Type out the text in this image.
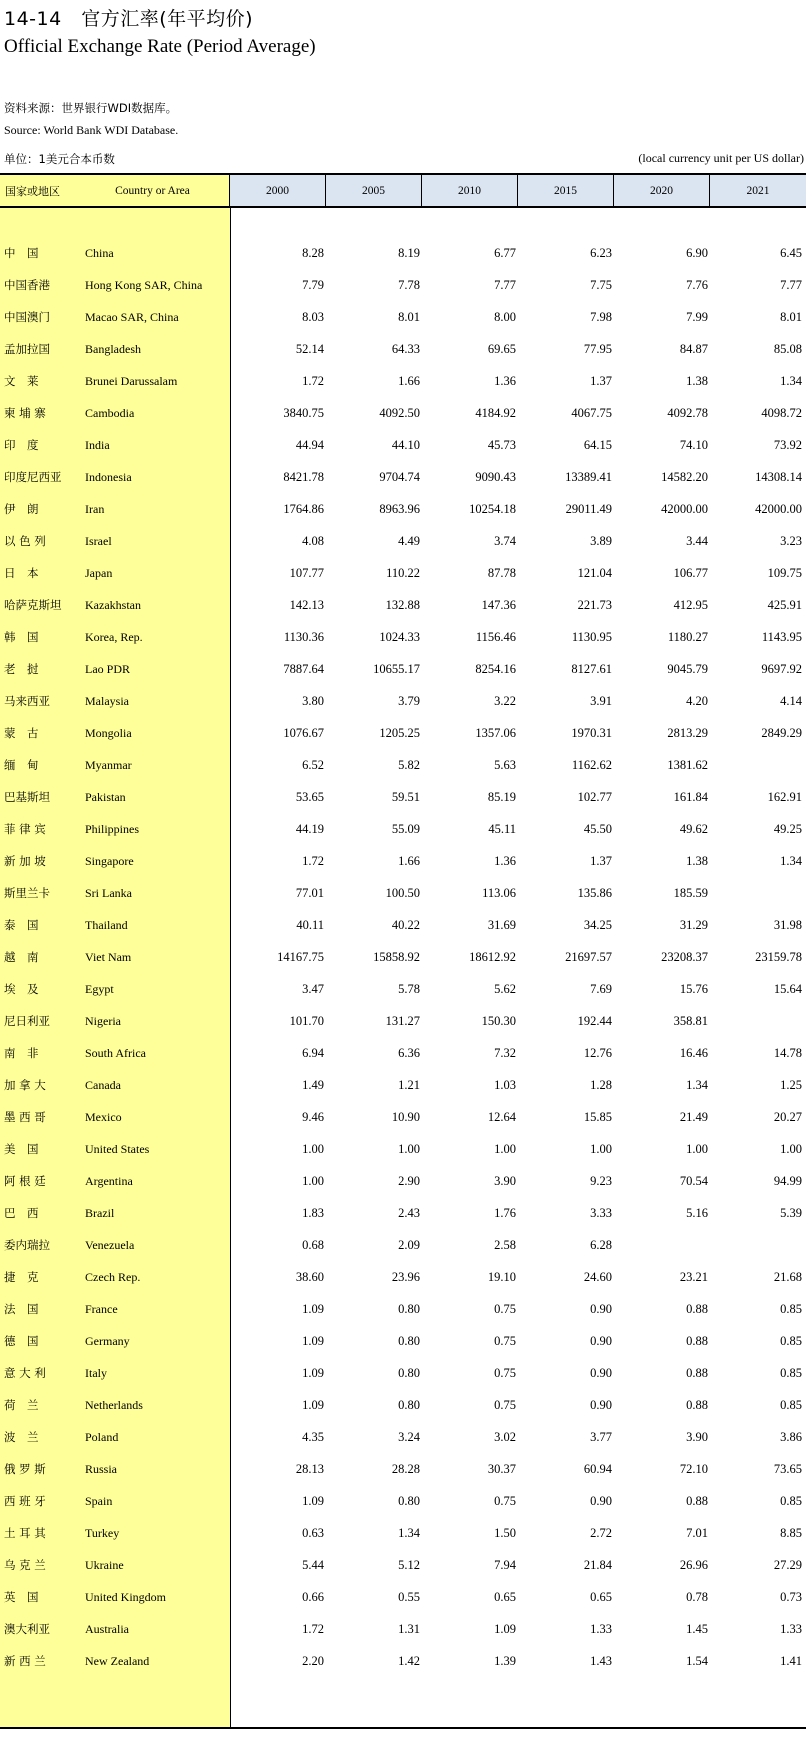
14-14　官方汇率(年平均价)
Official Exchange Rate (Period Average)
资料来源：世界银行WDI数据库。
Source: World Bank WDI Database.
单位：1美元合本币数	(local currency unit per US dollar)
国家或地区	Country or Area	2000	2005	2010	2015	2020	2021
中　国	China	8.28	8.19	6.77	6.23	6.90	6.45
中国香港	Hong Kong SAR, China	7.79	7.78	7.77	7.75	7.76	7.77
中国澳门	Macao SAR, China	8.03	8.01	8.00	7.98	7.99	8.01
孟加拉国	Bangladesh	52.14	64.33	69.65	77.95	84.87	85.08
文　莱	Brunei Darussalam	1.72	1.66	1.36	1.37	1.38	1.34
柬 埔 寨	Cambodia	3840.75	4092.50	4184.92	4067.75	4092.78	4098.72
印　度	India	44.94	44.10	45.73	64.15	74.10	73.92
印度尼西亚	Indonesia	8421.78	9704.74	9090.43	13389.41	14582.20	14308.14
伊　朗	Iran	1764.86	8963.96	10254.18	29011.49	42000.00	42000.00
以 色 列	Israel	4.08	4.49	3.74	3.89	3.44	3.23
日　本	Japan	107.77	110.22	87.78	121.04	106.77	109.75
哈萨克斯坦	Kazakhstan	142.13	132.88	147.36	221.73	412.95	425.91
韩　国	Korea, Rep.	1130.36	1024.33	1156.46	1130.95	1180.27	1143.95
老　挝	Lao PDR	7887.64	10655.17	8254.16	8127.61	9045.79	9697.92
马来西亚	Malaysia	3.80	3.79	3.22	3.91	4.20	4.14
蒙　古	Mongolia	1076.67	1205.25	1357.06	1970.31	2813.29	2849.29
缅　甸	Myanmar	6.52	5.82	5.63	1162.62	1381.62
巴基斯坦	Pakistan	53.65	59.51	85.19	102.77	161.84	162.91
菲 律 宾	Philippines	44.19	55.09	45.11	45.50	49.62	49.25
新 加 坡	Singapore	1.72	1.66	1.36	1.37	1.38	1.34
斯里兰卡	Sri Lanka	77.01	100.50	113.06	135.86	185.59
泰　国	Thailand	40.11	40.22	31.69	34.25	31.29	31.98
越　南	Viet Nam	14167.75	15858.92	18612.92	21697.57	23208.37	23159.78
埃　及	Egypt	3.47	5.78	5.62	7.69	15.76	15.64
尼日利亚	Nigeria	101.70	131.27	150.30	192.44	358.81
南　非	South Africa	6.94	6.36	7.32	12.76	16.46	14.78
加 拿 大	Canada	1.49	1.21	1.03	1.28	1.34	1.25
墨 西 哥	Mexico	9.46	10.90	12.64	15.85	21.49	20.27
美　国	United States	1.00	1.00	1.00	1.00	1.00	1.00
阿 根 廷	Argentina	1.00	2.90	3.90	9.23	70.54	94.99
巴　西	Brazil	1.83	2.43	1.76	3.33	5.16	5.39
委内瑞拉	Venezuela	0.68	2.09	2.58	6.28
捷　克	Czech Rep.	38.60	23.96	19.10	24.60	23.21	21.68
法　国	France	1.09	0.80	0.75	0.90	0.88	0.85
德　国	Germany	1.09	0.80	0.75	0.90	0.88	0.85
意 大 利	Italy	1.09	0.80	0.75	0.90	0.88	0.85
荷　兰	Netherlands	1.09	0.80	0.75	0.90	0.88	0.85
波　兰	Poland	4.35	3.24	3.02	3.77	3.90	3.86
俄 罗 斯	Russia	28.13	28.28	30.37	60.94	72.10	73.65
西 班 牙	Spain	1.09	0.80	0.75	0.90	0.88	0.85
土 耳 其	Turkey	0.63	1.34	1.50	2.72	7.01	8.85
乌 克 兰	Ukraine	5.44	5.12	7.94	21.84	26.96	27.29
英　国	United Kingdom	0.66	0.55	0.65	0.65	0.78	0.73
澳大利亚	Australia	1.72	1.31	1.09	1.33	1.45	1.33
新 西 兰	New Zealand	2.20	1.42	1.39	1.43	1.54	1.41
